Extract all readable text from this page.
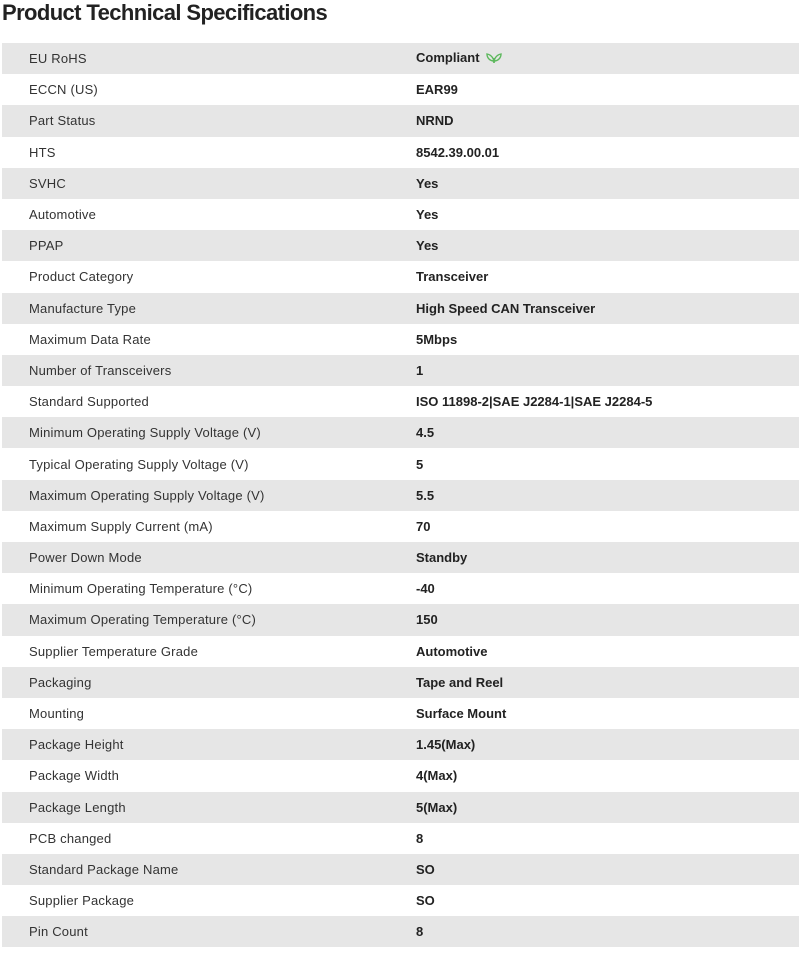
Product Technical Specifications
EU RoHS	Compliant
ECCN (US)	EAR99
Part Status	NRND
HTS	8542.39.00.01
SVHC	Yes
Automotive	Yes
PPAP	Yes
Product Category	Transceiver
Manufacture Type	High Speed CAN Transceiver
Maximum Data Rate	5Mbps
Number of Transceivers	1
Standard Supported	ISO 11898-2|SAE J2284-1|SAE J2284-5
Minimum Operating Supply Voltage (V)	4.5
Typical Operating Supply Voltage (V)	5
Maximum Operating Supply Voltage (V)	5.5
Maximum Supply Current (mA)	70
Power Down Mode	Standby
Minimum Operating Temperature (°C)	-40
Maximum Operating Temperature (°C)	150
Supplier Temperature Grade	Automotive
Packaging	Tape and Reel
Mounting	Surface Mount
Package Height	1.45(Max)
Package Width	4(Max)
Package Length	5(Max)
PCB changed	8
Standard Package Name	SO
Supplier Package	SO
Pin Count	8
